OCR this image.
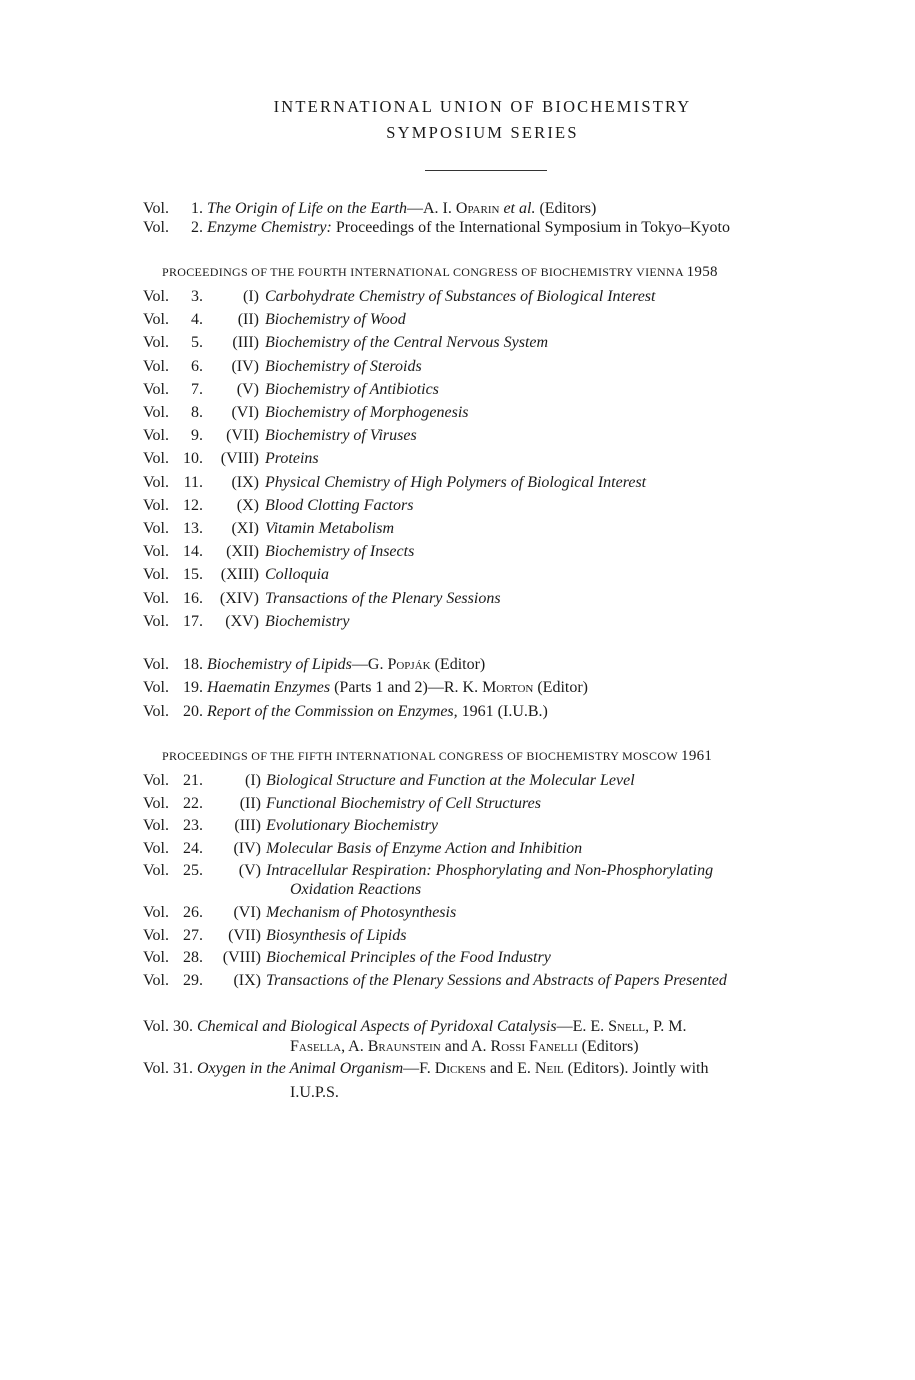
INTERNATIONAL UNION OF BIOCHEMISTRY
SYMPOSIUM SERIES
Vol. 1. The Origin of Life on the Earth—A. I. Oparin et al. (Editors)
Vol. 2. Enzyme Chemistry: Proceedings of the International Symposium in Tokyo–Kyoto
PROCEEDINGS OF THE FOURTH INTERNATIONAL CONGRESS OF BIOCHEMISTRY VIENNA 1958
Vol. 3.	(I) Carbohydrate Chemistry of Substances of Biological Interest
Vol. 4. (II) Biochemistry of Wood
Vol. 5. (III) Biochemistry of the Central Nervous System
Vol. 6. (IV) Biochemistry of Steroids
Vol. 7. (V) Biochemistry of Antibiotics
Vol. 8. (VI) Biochemistry of Morphogenesis
Vol. 9. (VII) Biochemistry of Viruses
Vol. 10. (VIII) Proteins
Vol. 11. (IX) Physical Chemistry of High Polymers of Biological Interest
Vol. 12. (X) Blood Clotting Factors
Vol. 13. (XI) Vitamin Metabolism
Vol. 14. (XII) Biochemistry of Insects
Vol. 15. (XIII) Colloquia
Vol. 16. (XIV) Transactions of the Plenary Sessions
Vol. 17. (XV) Biochemistry
Vol. 18. Biochemistry of Lipids—G. Popják (Editor)
Vol. 19. Haematin Enzymes (Parts 1 and 2)—R. K. Morton (Editor)
Vol. 20. Report of the Commission on Enzymes, 1961 (I.U.B.)
PROCEEDINGS OF THE FIFTH INTERNATIONAL CONGRESS OF BIOCHEMISTRY MOSCOW 1961
Vol. 21.	(I) Biological Structure and Function at the Molecular Level
Vol. 22. (II) Functional Biochemistry of Cell Structures
Vol. 23. (III) Evolutionary Biochemistry
Vol. 24. (IV) Molecular Basis of Enzyme Action and Inhibition
Vol. 25. (V) Intracellular Respiration: Phosphorylating and Non-Phosphorylating
Oxidation Reactions
Vol. 26. (VI) Mechanism of Photosynthesis
Vol. 27. (VII) Biosynthesis of Lipids
Vol. 28. (VIII) Biochemical Principles of the Food Industry
Vol. 29. (IX) Transactions of the Plenary Sessions and Abstracts of Papers Presented
Vol. 30. Chemical and Biological Aspects of Pyridoxal Catalysis—E. E. Snell, P. M.
Fasella, A. Braunstein and A. Rossi Fanelli (Editors)
Vol. 31. Oxygen in the Animal Organism—F. Dickens and E. Neil (Editors). Jointly with
I.U.P.S.
